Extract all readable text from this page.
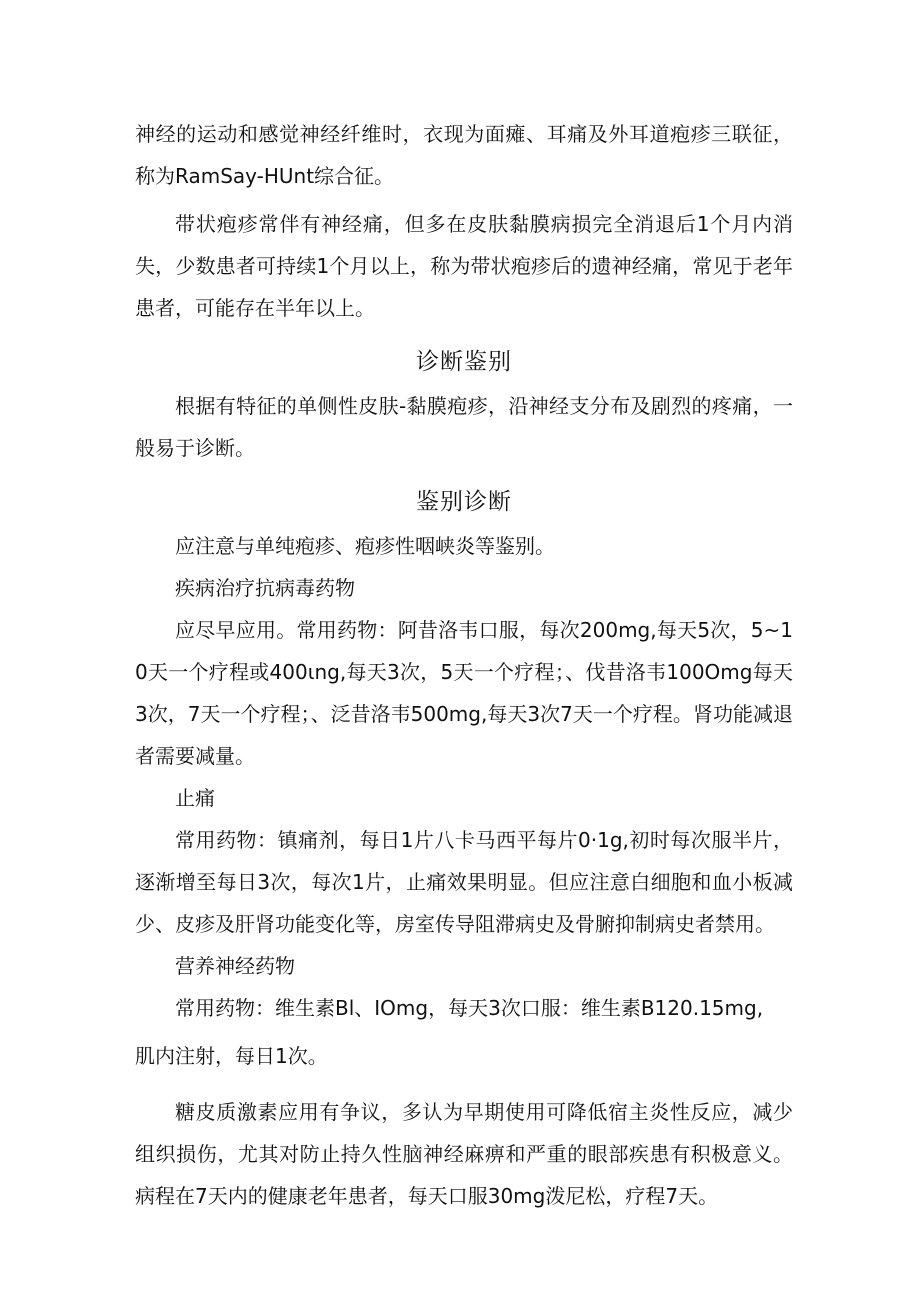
神经的运动和感觉神经纤维时，衣现为面瘫、耳痛及外耳道疱疹三联征，称为RamSay-HUnt综合征。

带状疱疹常伴有神经痛，但多在皮肤黏膜病损完全消退后1个月内消失，少数患者可持续1个月以上，称为带状疱疹后的遗神经痛，常见于老年患者，可能存在半年以上。

诊断鉴别

根据有特征的单侧性皮肤-黏膜疱疹，沿神经支分布及剧烈的疼痛，一般易于诊断。

鉴别诊断

应注意与单纯疱疹、疱疹性咽峡炎等鉴别。

疾病治疗抗病毒药物

应尽早应用。常用药物：阿昔洛韦口服，每次200mg,每天5次，5~10天一个疗程或400ιng,每天3次，5天一个疗程；、伐昔洛韦100Omg每天3次，7天一个疗程；、泛昔洛韦500mg,每天3次7天一个疗程。肾功能减退者需要减量。

止痛

常用药物：镇痛剂，每日1片八卡马西平每片0·1g,初时每次服半片，逐渐增至每日3次，每次1片，止痛效果明显。但应注意白细胞和血小板减少、皮疹及肝肾功能变化等，房室传导阻滞病史及骨腑抑制病史者禁用。

营养神经药物

常用药物：维生素Bl、IOmg，每天3次口服：维生素B120.15mg,

肌内注射，每日1次。

糖皮质激素应用有争议，多认为早期使用可降低宿主炎性反应，减少组织损伤，尤其对防止持久性脑神经麻痹和严重的眼部疾患有积极意义。病程在7天内的健康老年患者，每天口服30mg泼尼松，疗程7天。
